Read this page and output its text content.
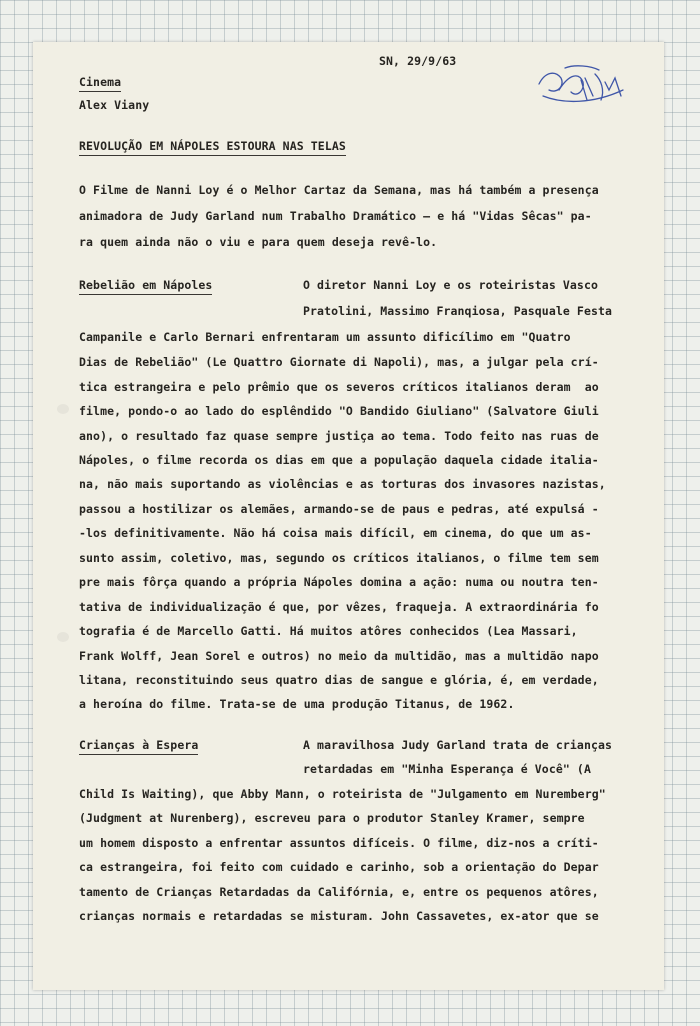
SN, 29/9/63

Cinema

Alex Viany

REVOLUÇÃO EM NÁPOLES ESTOURA NAS TELAS

O Filme de Nanni Loy é o Melhor Cartaz da Semana, mas há também a presença

animadora de Judy Garland num Trabalho Dramático — e há "Vidas Sêcas" pa-

ra quem ainda não o viu e para quem deseja revê-lo.

Rebelião em Nápoles	O diretor Nanni Loy e os roteiristas Vasco

Pratolini, Massimo Franqiosa, Pasquale Festa

Campanile e Carlo Bernari enfrentaram um assunto dificílimo em "Quatro

Dias de Rebelião" (Le Quattro Giornate di Napoli), mas, a julgar pela crí-

tica estrangeira e pelo prêmio que os severos críticos italianos deram  ao

filme, pondo-o ao lado do esplêndido "O Bandido Giuliano" (Salvatore Giuli

ano), o resultado faz quase sempre justiça ao tema. Todo feito nas ruas de

Nápoles, o filme recorda os dias em que a população daquela cidade italia-

na, não mais suportando as violências e as torturas dos invasores nazistas,

passou a hostilizar os alemães, armando-se de paus e pedras, até expulsá -

-los definitivamente. Não há coisa mais difícil, em cinema, do que um as-

sunto assim, coletivo, mas, segundo os críticos italianos, o filme tem sem

pre mais fôrça quando a própria Nápoles domina a ação: numa ou noutra ten-

tativa de individualização é que, por vêzes, fraqueja. A extraordinária fo

tografia é de Marcello Gatti. Há muitos atôres conhecidos (Lea Massari,

Frank Wolff, Jean Sorel e outros) no meio da multidão, mas a multidão napo

litana, reconstituindo seus quatro dias de sangue e glória, é, em verdade,

a heroína do filme. Trata-se de uma produção Titanus, de 1962.

Crianças à Espera	A maravilhosa Judy Garland trata de crianças

retardadas em "Minha Esperança é Você" (A

Child Is Waiting), que Abby Mann, o roteirista de "Julgamento em Nuremberg"

(Judgment at Nurenberg), escreveu para o produtor Stanley Kramer, sempre

um homem disposto a enfrentar assuntos difíceis. O filme, diz-nos a críti-

ca estrangeira, foi feito com cuidado e carinho, sob a orientação do Depar

tamento de Crianças Retardadas da Califórnia, e, entre os pequenos atôres,

crianças normais e retardadas se misturam. John Cassavetes, ex-ator que se
